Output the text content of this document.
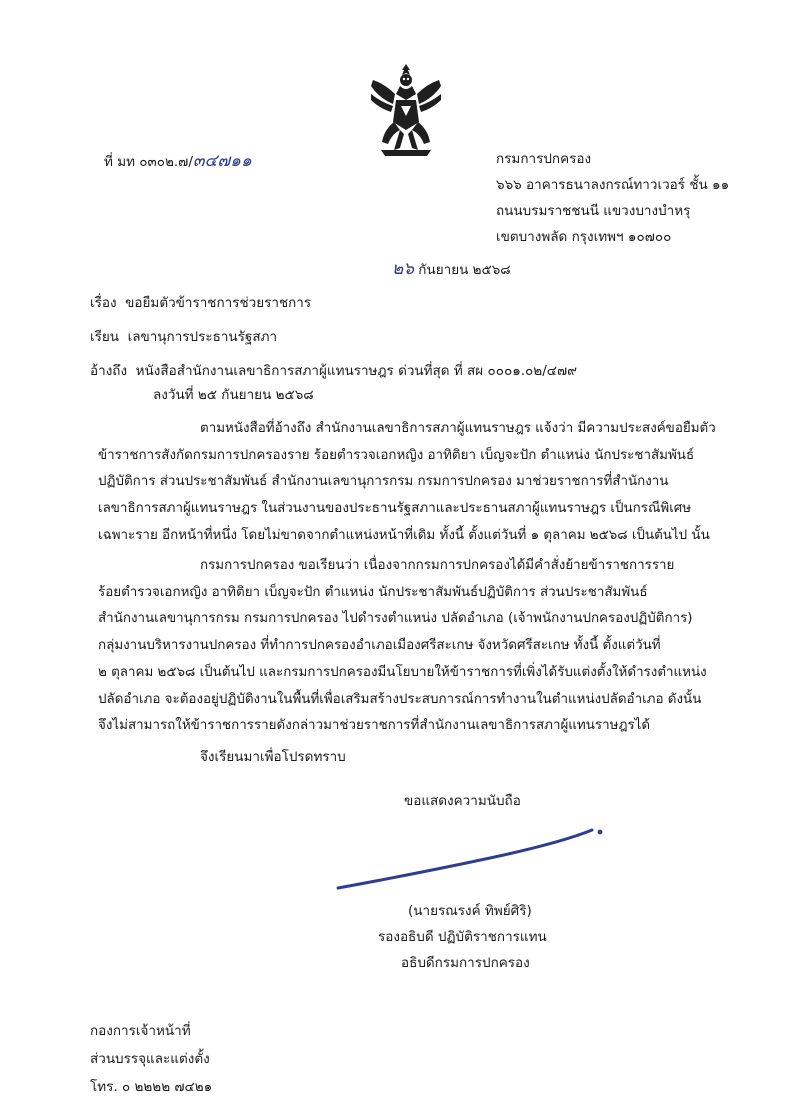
ที่ มท ๐๓๐๒.๗/๓๔๗๑๑	กรมการปกครอง
๖๖๖ อาคารธนาลงกรณ์ทาวเวอร์ ชั้น ๑๑
ถนนบรมราชชนนี แขวงบางบำหรุ
เขตบางพลัด กรุงเทพฯ ๑๐๗๐๐
๒๖ กันยายน ๒๕๖๘
เรื่อง ขอยืมตัวข้าราชการช่วยราชการ
เรียน เลขานุการประธานรัฐสภา
อ้างถึง หนังสือสำนักงานเลขาธิการสภาผู้แทนราษฎร ด่วนที่สุด ที่ สผ ๐๐๐๑.๐๒/๔๗๙
ลงวันที่ ๒๕ กันยายน ๒๕๖๘
ตามหนังสือที่อ้างถึง สำนักงานเลขาธิการสภาผู้แทนราษฎร แจ้งว่า มีความประสงค์ขอยืมตัว
ข้าราชการสังกัดกรมการปกครองราย ร้อยตำรวจเอกหญิง อาทิติยา เบ็ญจะปัก ตำแหน่ง นักประชาสัมพันธ์
ปฏิบัติการ ส่วนประชาสัมพันธ์ สำนักงานเลขานุการกรม กรมการปกครอง มาช่วยราชการที่สำนักงาน
เลขาธิการสภาผู้แทนราษฎร ในส่วนงานของประธานรัฐสภาและประธานสภาผู้แทนราษฎร เป็นกรณีพิเศษ
เฉพาะราย อีกหน้าที่หนึ่ง โดยไม่ขาดจากตำแหน่งหน้าที่เดิม ทั้งนี้ ตั้งแต่วันที่ ๑ ตุลาคม ๒๕๖๘ เป็นต้นไป นั้น
กรมการปกครอง ขอเรียนว่า เนื่องจากกรมการปกครองได้มีคำสั่งย้ายข้าราชการราย
ร้อยตำรวจเอกหญิง อาทิติยา เบ็ญจะปัก ตำแหน่ง นักประชาสัมพันธ์ปฏิบัติการ ส่วนประชาสัมพันธ์
สำนักงานเลขานุการกรม กรมการปกครอง ไปดำรงตำแหน่ง ปลัดอำเภอ (เจ้าพนักงานปกครองปฏิบัติการ)
กลุ่มงานบริหารงานปกครอง ที่ทำการปกครองอำเภอเมืองศรีสะเกษ จังหวัดศรีสะเกษ ทั้งนี้ ตั้งแต่วันที่
๒ ตุลาคม ๒๕๖๘ เป็นต้นไป และกรมการปกครองมีนโยบายให้ข้าราชการที่เพิ่งได้รับแต่งตั้งให้ดำรงตำแหน่ง
ปลัดอำเภอ จะต้องอยู่ปฏิบัติงานในพื้นที่เพื่อเสริมสร้างประสบการณ์การทำงานในตำแหน่งปลัดอำเภอ ดังนั้น
จึงไม่สามารถให้ข้าราชการรายดังกล่าวมาช่วยราชการที่สำนักงานเลขาธิการสภาผู้แทนราษฎรได้
จึงเรียนมาเพื่อโปรดทราบ
ขอแสดงความนับถือ
(นายรณรงค์ ทิพย์ศิริ)
รองอธิบดี ปฏิบัติราชการแทน
อธิบดีกรมการปกครอง
กองการเจ้าหน้าที่
ส่วนบรรจุและแต่งตั้ง
โทร. ๐ ๒๒๒๒ ๗๔๒๑
